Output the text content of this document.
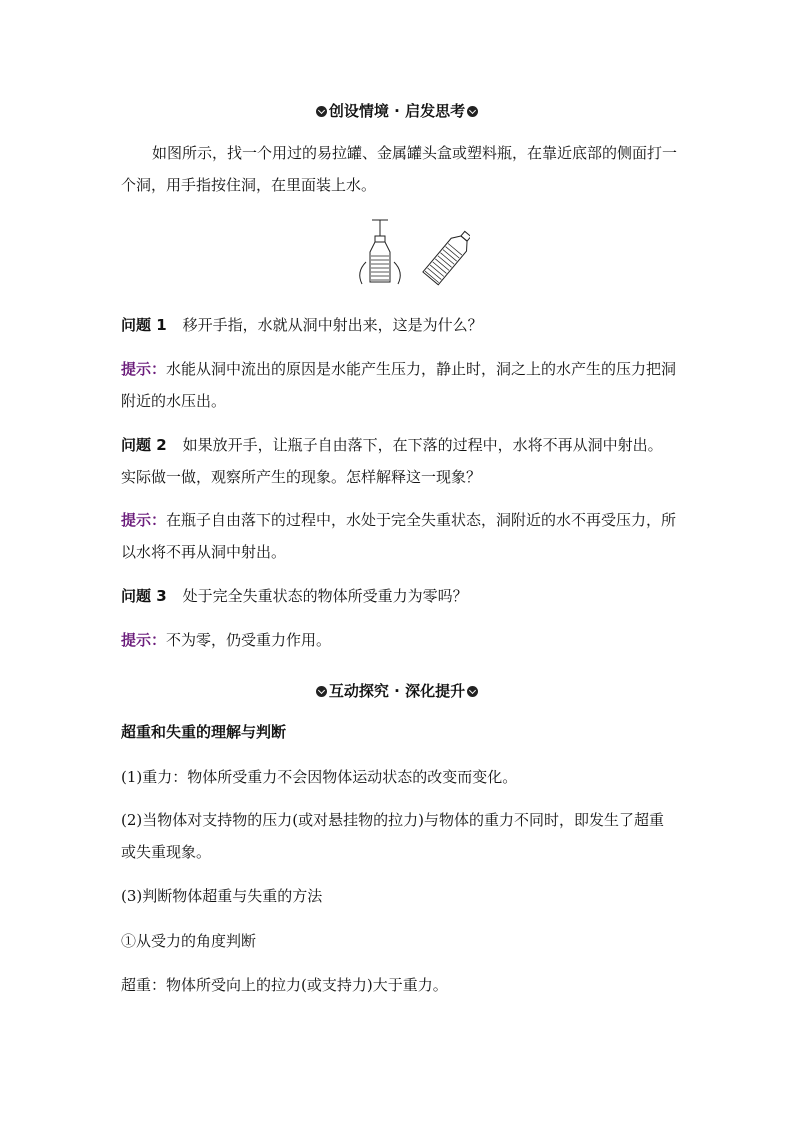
创设情境 · 启发思考
如图所示，找一个用过的易拉罐、金属罐头盒或塑料瓶，在靠近底部的侧面打一个洞，用手指按住洞，在里面装上水。
问题 1 移开手指，水就从洞中射出来，这是为什么？
提示：水能从洞中流出的原因是水能产生压力，静止时，洞之上的水产生的压力把洞附近的水压出。
问题 2 如果放开手，让瓶子自由落下，在下落的过程中，水将不再从洞中射出。实际做一做，观察所产生的现象。怎样解释这一现象？
提示：在瓶子自由落下的过程中，水处于完全失重状态，洞附近的水不再受压力，所以水将不再从洞中射出。
问题 3 处于完全失重状态的物体所受重力为零吗？
提示：不为零，仍受重力作用。
互动探究 · 深化提升
超重和失重的理解与判断
(1)重力：物体所受重力不会因物体运动状态的改变而变化。
(2)当物体对支持物的压力(或对悬挂物的拉力)与物体的重力不同时，即发生了超重或失重现象。
(3)判断物体超重与失重的方法
①从受力的角度判断
超重：物体所受向上的拉力(或支持力)大于重力。
